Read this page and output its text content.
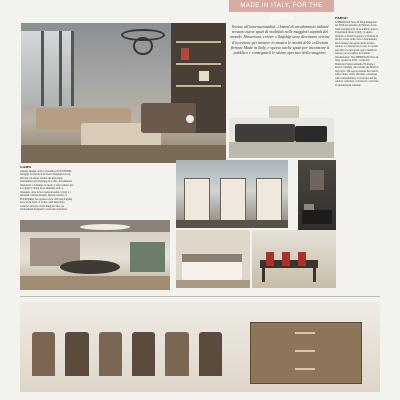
MADE IN ITALY, FOR THE WORLD
Vetrine all'internazionalità, i brand di arredamento italiani trovano nuovi spazi di visibilità nelle maggiori capitali del mondo. Showroom, corner e flagship store diventano vetrine d'eccezione per mettere in mostra le novità delle collezioni firmate Made in Italy, e spesso anche spazi per incontrare il pubblico e consegnarli le ultime aperture della stagione.
PARIGI
I MERIDIANI Store & Shop inaugurato nel 2016 nel quartiere del Marais, in rue Saint-Germain 276, in un edificio storico. Il meridiani Made in Italy: lo spazio dedicato al brand propone le collezioni di divani, tavoli, sedie, letti e complementi, una boutique che ospita anche la linea outdoor e accessori per la casa. Lo spazio espositivo ha un layout open e luminoso pensato per accogliere la clientela internazionale. The MERIDIANI Store & Shop opened in 2016 - located in Boulevard Saint-Germain 276 inside a historic building, showcasing the Made in Italy style. The space presents the brand's sofas, tables, chairs and beds, a boutique with complementary accessories and the outdoor collection, conceived to welcome an international clientele.
COMO
Ostensa Design, storico rivenditore FLEXFORM, festeggia la nascita di un nuovo flagship store di 200 mq con ampie vetrine che affacciano direttamente sul lungolago di Como. Arredamento funzionale e di design, lo spazio è stato pensato per accogliere i clienti in un ambiente caldo e rilassante, dove la luce naturale esalta i colori e i materiali. Ostensa Design, historic retailer of FLEXFORM, has opened a new 200 sqm flagship store in the heart of Como, with large shop windows directly overlooking the lake, an environment designed to welcome customers.
